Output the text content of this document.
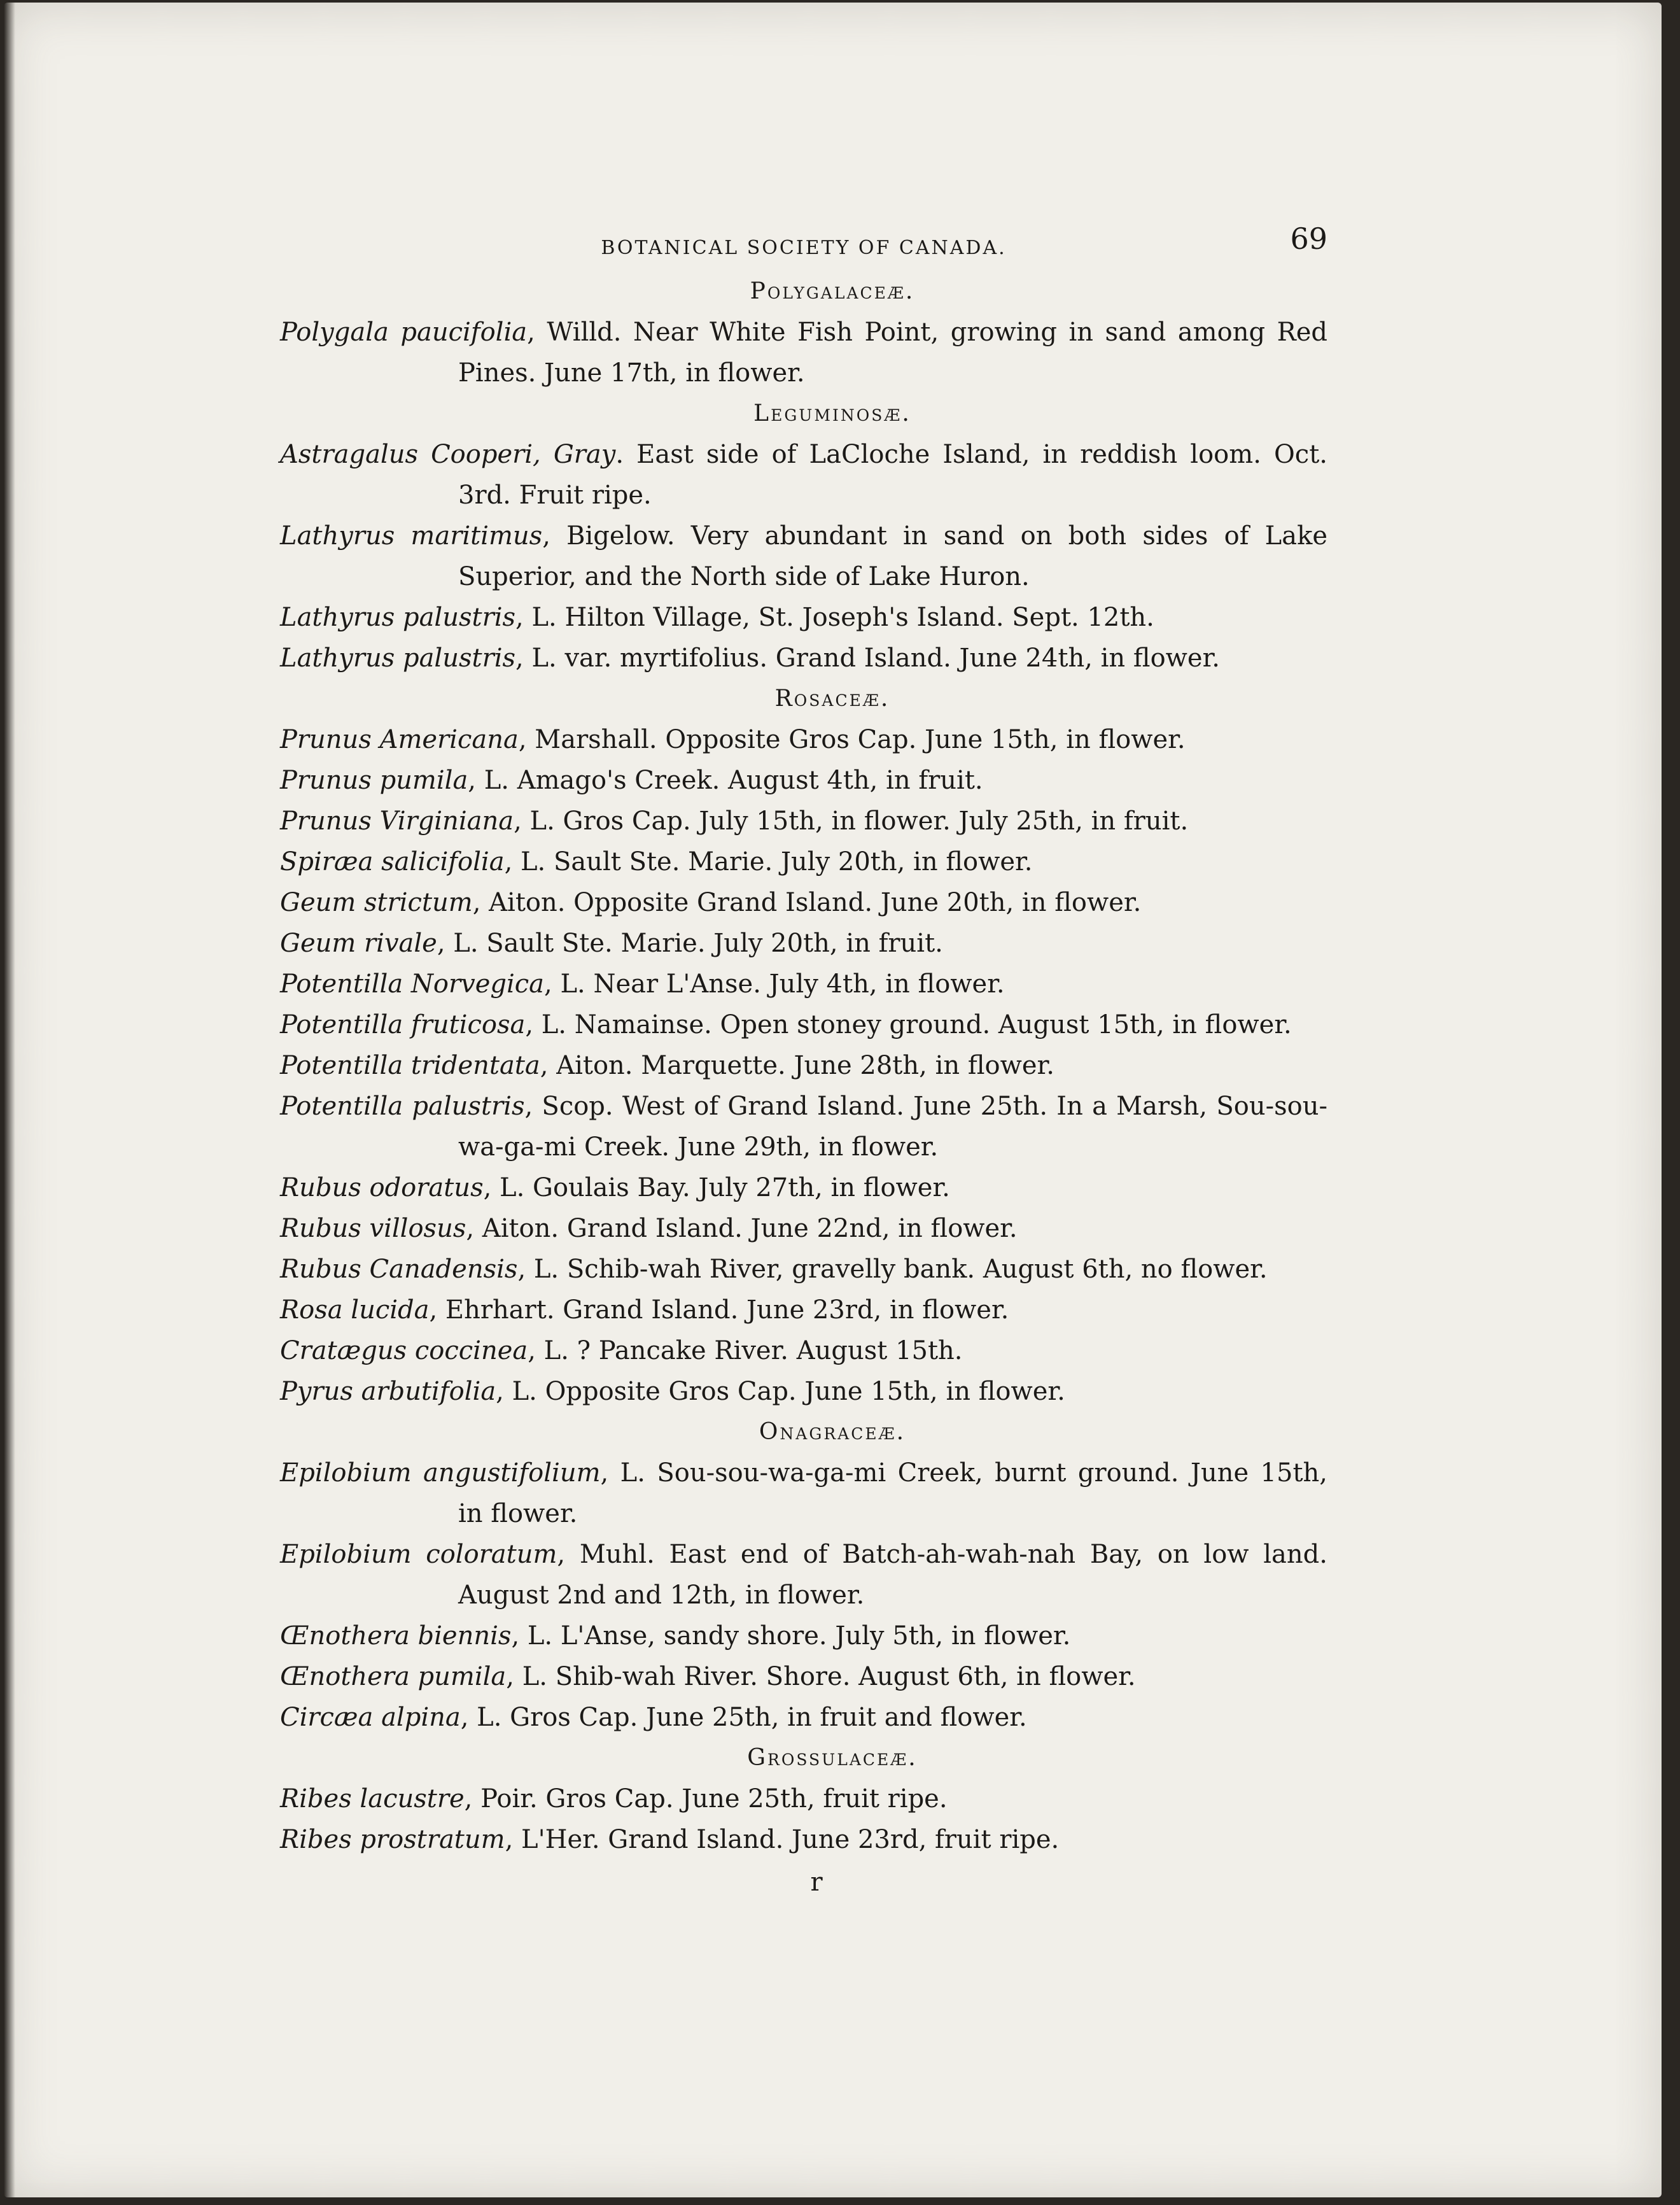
BOTANICAL SOCIETY OF CANADA.	69
Polygalaceæ.
Polygala paucifolia, Willd. Near White Fish Point, growing in sand among Red Pines. June 17th, in flower.
Leguminosæ.
Astragalus Cooperi, Gray. East side of LaCloche Island, in reddish loom. Oct. 3rd. Fruit ripe.
Lathyrus maritimus, Bigelow. Very abundant in sand on both sides of Lake Superior, and the North side of Lake Huron.
Lathyrus palustris, L. Hilton Village, St. Joseph's Island. Sept. 12th.
Lathyrus palustris, L. var. myrtifolius. Grand Island. June 24th, in flower.
Rosaceæ.
Prunus Americana, Marshall. Opposite Gros Cap. June 15th, in flower.
Prunus pumila, L. Amago's Creek. August 4th, in fruit.
Prunus Virginiana, L. Gros Cap. July 15th, in flower. July 25th, in fruit.
Spiræa salicifolia, L. Sault Ste. Marie. July 20th, in flower.
Geum strictum, Aiton. Opposite Grand Island. June 20th, in flower.
Geum rivale, L. Sault Ste. Marie. July 20th, in fruit.
Potentilla Norvegica, L. Near L'Anse. July 4th, in flower.
Potentilla fruticosa, L. Namainse. Open stoney ground. August 15th, in flower.
Potentilla tridentata, Aiton. Marquette. June 28th, in flower.
Potentilla palustris, Scop. West of Grand Island. June 25th. In a Marsh, Sou-sou-wa-ga-mi Creek. June 29th, in flower.
Rubus odoratus, L. Goulais Bay. July 27th, in flower.
Rubus villosus, Aiton. Grand Island. June 22nd, in flower.
Rubus Canadensis, L. Schib-wah River, gravelly bank. August 6th, no flower.
Rosa lucida, Ehrhart. Grand Island. June 23rd, in flower.
Cratægus coccinea, L. ? Pancake River. August 15th.
Pyrus arbutifolia, L. Opposite Gros Cap. June 15th, in flower.
Onagraceæ.
Epilobium angustifolium, L. Sou-sou-wa-ga-mi Creek, burnt ground. June 15th, in flower.
Epilobium coloratum, Muhl. East end of Batch-ah-wah-nah Bay, on low land. August 2nd and 12th, in flower.
Œnothera biennis, L. L'Anse, sandy shore. July 5th, in flower.
Œnothera pumila, L. Shib-wah River. Shore. August 6th, in flower.
Circæa alpina, L. Gros Cap. June 25th, in fruit and flower.
Grossulaceæ.
Ribes lacustre, Poir. Gros Cap. June 25th, fruit ripe.
Ribes prostratum, L'Her. Grand Island. June 23rd, fruit ripe.
r
